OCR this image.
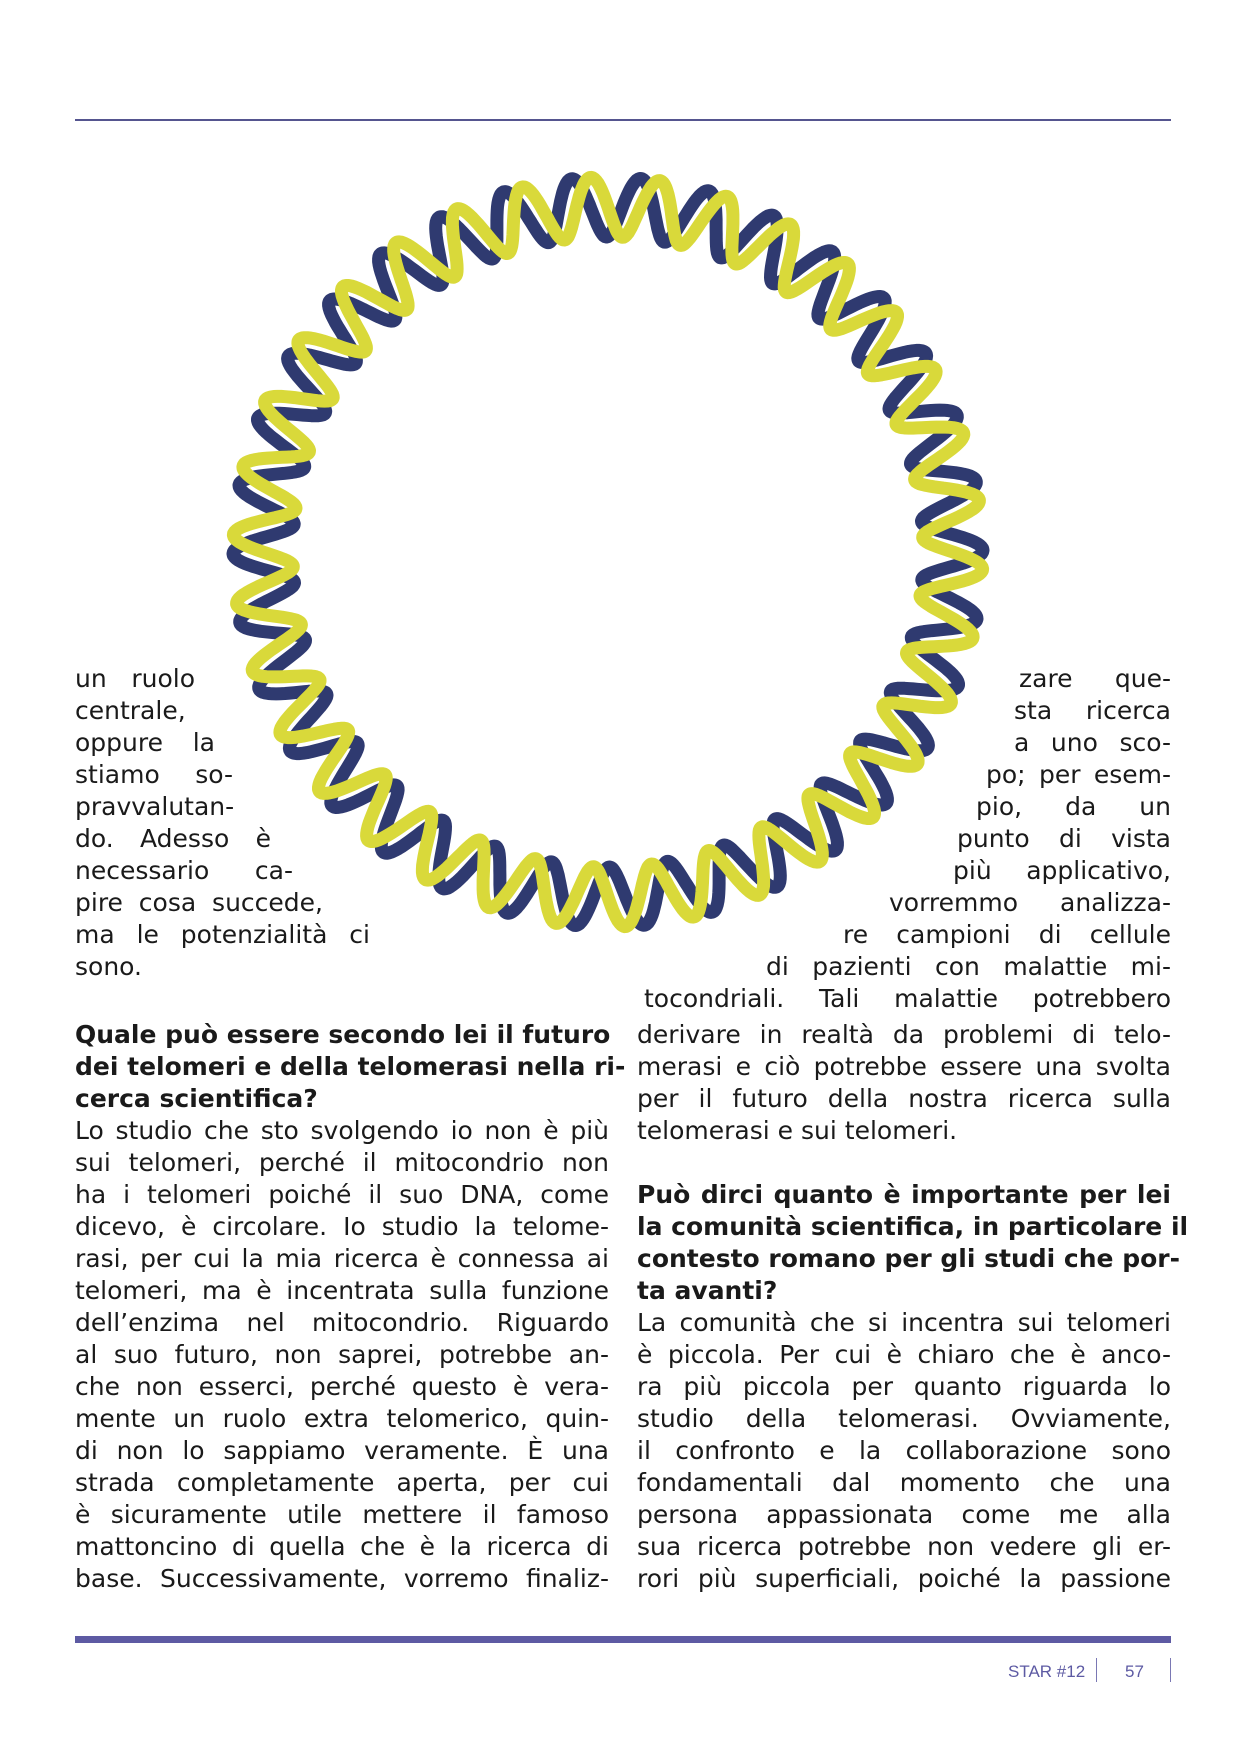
un ruolo
centrale,
oppure la
stiamo so-
pravvalutan-
do. Adesso è
necessario ca-
pire cosa succede,
ma le potenzialità ci
sono.
zare que-
sta ricerca
a uno sco-
po; per esem-
pio, da un
punto di vista
più applicativo,
vorremmo analizza-
re campioni di cellule
di pazienti con malattie mi-
tocondriali. Tali malattie potrebbero
Quale può essere secondo lei il futuro
dei telomeri e della telomerasi nella ri-
cerca scientifica?
Lo studio che sto svolgendo io non è più
sui telomeri, perché il mitocondrio non
ha i telomeri poiché il suo DNA, come
dicevo, è circolare. Io studio la telome-
rasi, per cui la mia ricerca è connessa ai
telomeri, ma è incentrata sulla funzione
dell’enzima nel mitocondrio. Riguardo
al suo futuro, non saprei, potrebbe an-
che non esserci, perché questo è vera-
mente un ruolo extra telomerico, quin-
di non lo sappiamo veramente. È una
strada completamente aperta, per cui
è sicuramente utile mettere il famoso
mattoncino di quella che è la ricerca di
base. Successivamente, vorremo finaliz-
derivare in realtà da problemi di telo-
merasi e ciò potrebbe essere una svolta
per il futuro della nostra ricerca sulla
telomerasi e sui telomeri.
Può dirci quanto è importante per lei
la comunità scientifica, in particolare il
contesto romano per gli studi che por-
ta avanti?
La comunità che si incentra sui telomeri
è piccola. Per cui è chiaro che è anco-
ra più piccola per quanto riguarda lo
studio della telomerasi. Ovviamente,
il confronto e la collaborazione sono
fondamentali dal momento che una
persona appassionata come me alla
sua ricerca potrebbe non vedere gli er-
rori più superficiali, poiché la passione
STAR #12 57
